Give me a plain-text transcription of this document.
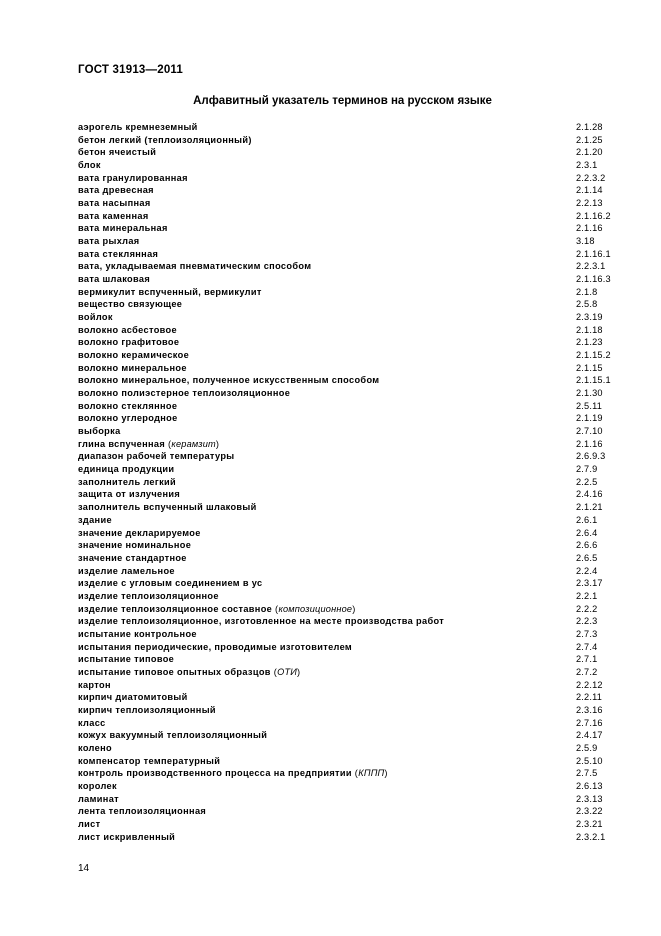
ГОСТ 31913—2011
Алфавитный указатель терминов на русском языке
аэрогель кремнеземный	2.1.28
бетон легкий (теплоизоляционный)	2.1.25
бетон ячеистый	2.1.20
блок	2.3.1
вата гранулированная	2.2.3.2
вата древесная	2.1.14
вата насыпная	2.2.13
вата каменная	2.1.16.2
вата минеральная	2.1.16
вата рыхлая	3.18
вата стеклянная	2.1.16.1
вата, укладываемая пневматическим способом	2.2.3.1
вата шлаковая	2.1.16.3
вермикулит вспученный, вермикулит	2.1.8
вещество связующее	2.5.8
войлок	2.3.19
волокно асбестовое	2.1.18
волокно графитовое	2.1.23
волокно керамическое	2.1.15.2
волокно минеральное	2.1.15
волокно минеральное, полученное искусственным способом	2.1.15.1
волокно полиэстерное теплоизоляционное	2.1.30
волокно стеклянное	2.5.11
волокно углеродное	2.1.19
выборка	2.7.10
глина вспученная (керамзит)	2.1.16
диапазон рабочей температуры	2.6.9.3
единица продукции	2.7.9
заполнитель легкий	2.2.5
защита от излучения	2.4.16
заполнитель вспученный шлаковый	2.1.21
здание	2.6.1
значение декларируемое	2.6.4
значение номинальное	2.6.6
значение стандартное	2.6.5
изделие ламельное	2.2.4
изделие с угловым соединением в ус	2.3.17
изделие теплоизоляционное	2.2.1
изделие теплоизоляционное составное (композиционное)	2.2.2
изделие теплоизоляционное, изготовленное на месте производства работ	2.2.3
испытание контрольное	2.7.3
испытания периодические, проводимые изготовителем	2.7.4
испытание типовое	2.7.1
испытание типовое опытных образцов (ОТИ)	2.7.2
картон	2.2.12
кирпич диатомитовый	2.2.11
кирпич теплоизоляционный	2.3.16
класс	2.7.16
кожух вакуумный теплоизоляционный	2.4.17
колено	2.5.9
компенсатор температурный	2.5.10
контроль производственного процесса на предприятии (КППП)	2.7.5
королек	2.6.13
ламинат	2.3.13
лента теплоизоляционная	2.3.22
лист	2.3.21
лист искривленный	2.3.2.1
14
